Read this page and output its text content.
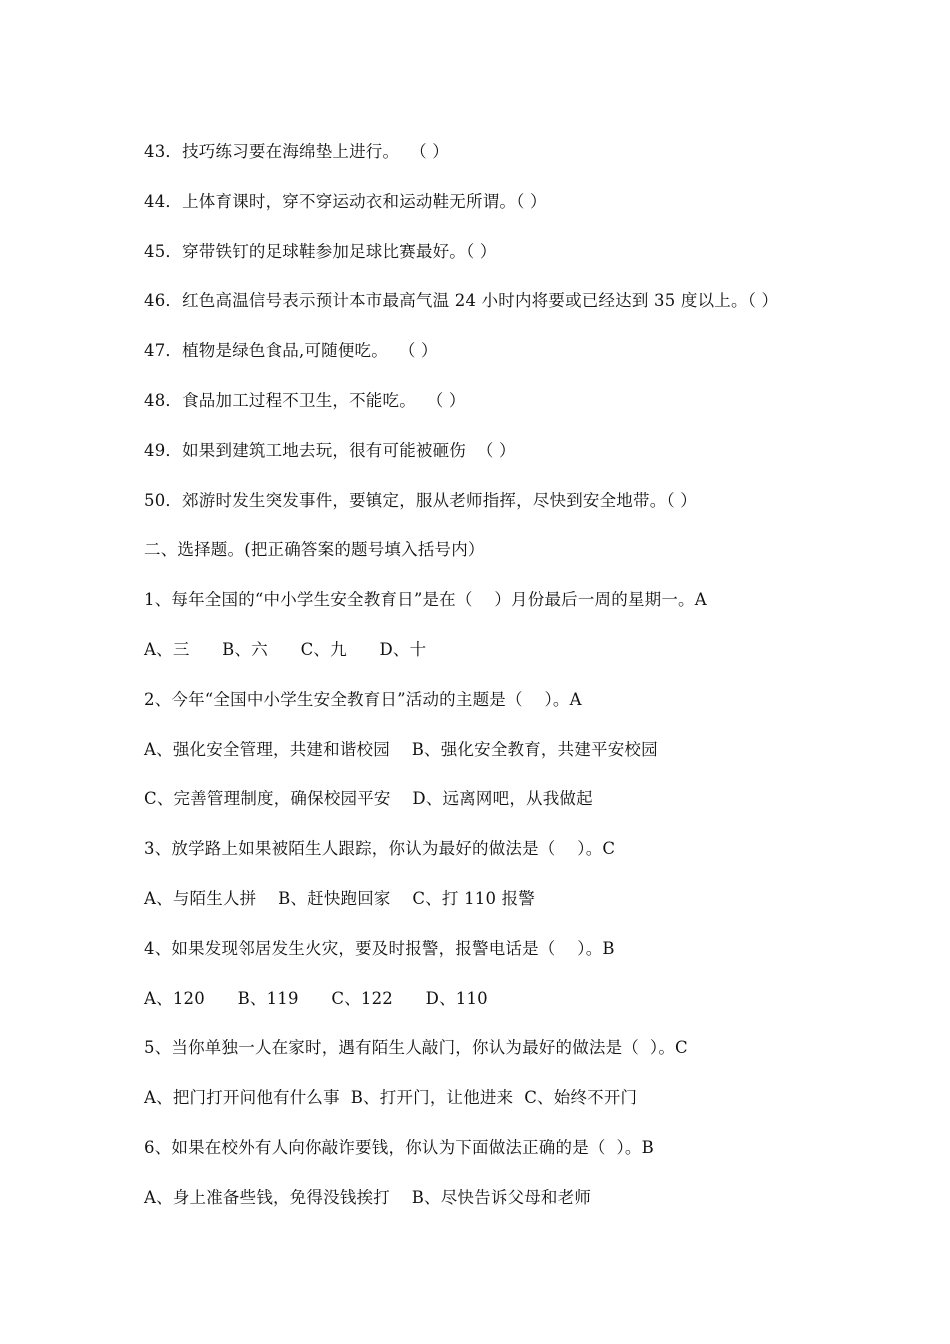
43．技巧练习要在海绵垫上进行。  （ ）
44．上体育课时，穿不穿运动衣和运动鞋无所谓。（ ）
45．穿带铁钉的足球鞋参加足球比赛最好。（ ）
46．红色高温信号表示预计本市最高气温 24 小时内将要或已经达到 35 度以上。（ ）
47．植物是绿色食品,可随便吃。  （ ）
48．食品加工过程不卫生，不能吃。  （ ）
49．如果到建筑工地去玩，很有可能被砸伤  （ ）
50．郊游时发生突发事件，要镇定，服从老师指挥，尽快到安全地带。（ ）
二、选择题。(把正确答案的题号填入括号内）
1、每年全国的“中小学生安全教育日”是在（    ）月份最后一周的星期一。A
A、三      B、六      C、九      D、十
2、今年“全国中小学生安全教育日”活动的主题是（    ）。A
A、强化安全管理，共建和谐校园    B、强化安全教育，共建平安校园
C、完善管理制度，确保校园平安    D、远离网吧，从我做起
3、放学路上如果被陌生人跟踪，你认为最好的做法是（    ）。C
A、与陌生人拼    B、赶快跑回家    C、打 110 报警
4、如果发现邻居发生火灾，要及时报警，报警电话是（    ）。B
A、120      B、119      C、122      D、110
5、当你单独一人在家时，遇有陌生人敲门，你认为最好的做法是（  ）。C
A、把门打开问他有什么事  B、打开门，让他进来  C、始终不开门
6、如果在校外有人向你敲诈要钱，你认为下面做法正确的是（  ）。B
A、身上准备些钱，免得没钱挨打    B、尽快告诉父母和老师
